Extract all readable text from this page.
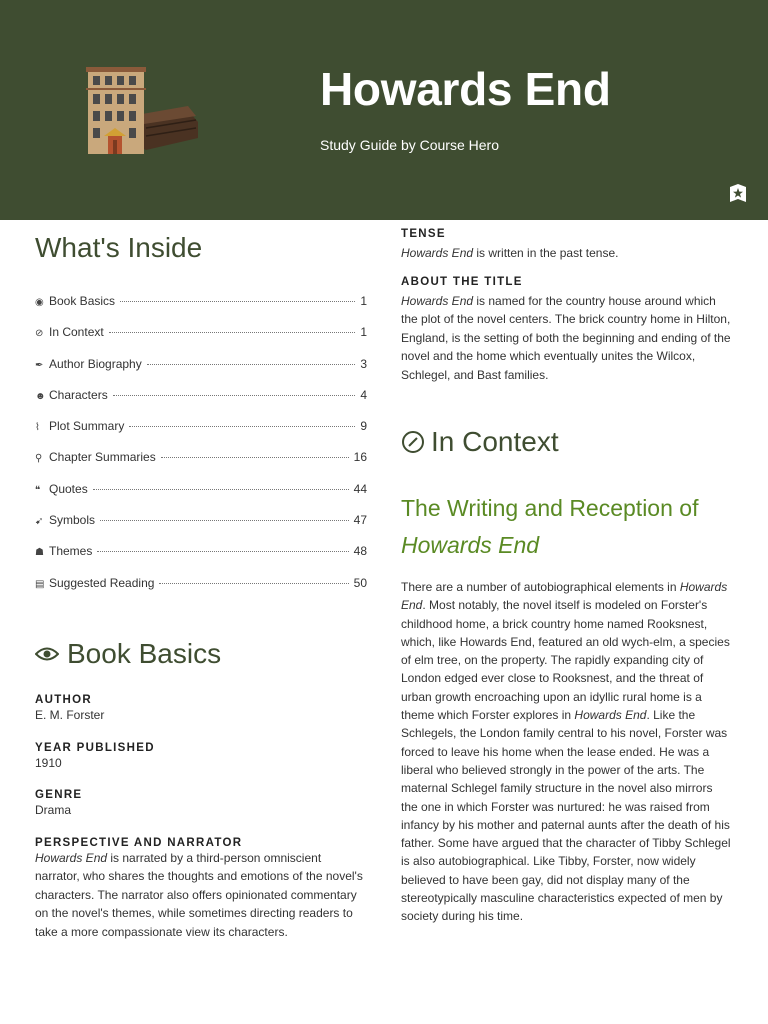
Howards End
Study Guide by Course Hero
What's Inside
◉ Book Basics	1
⊘ In Context	1
✒ Author Biography	3
☻ Characters	4
⌇ Plot Summary	9
⚲ Chapter Summaries	16
❝ Quotes	44
➹ Symbols	47
☗ Themes	48
▤ Suggested Reading	50
Book Basics
AUTHOR
E. M. Forster
YEAR PUBLISHED
1910
GENRE
Drama
PERSPECTIVE AND NARRATOR
Howards End is narrated by a third-person omniscient narrator, who shares the thoughts and emotions of the novel's characters. The narrator also offers opinionated commentary on the novel's themes, while sometimes directing readers to take a more compassionate view its characters.
TENSE
Howards End is written in the past tense.
ABOUT THE TITLE
Howards End is named for the country house around which the plot of the novel centers. The brick country home in Hilton, England, is the setting of both the beginning and ending of the novel and the home which eventually unites the Wilcox, Schlegel, and Bast families.
In Context
The Writing and Reception of
Howards End
There are a number of autobiographical elements in Howards End. Most notably, the novel itself is modeled on Forster's childhood home, a brick country home named Rooksnest, which, like Howards End, featured an old wych-elm, a species of elm tree, on the property. The rapidly expanding city of London edged ever close to Rooksnest, and the threat of urban growth encroaching upon an idyllic rural home is a theme which Forster explores in Howards End. Like the Schlegels, the London family central to his novel, Forster was forced to leave his home when the lease ended. He was a liberal who believed strongly in the power of the arts. The maternal Schlegel family structure in the novel also mirrors the one in which Forster was nurtured: he was raised from infancy by his mother and paternal aunts after the death of his father. Some have argued that the character of Tibby Schlegel is also autobiographical. Like Tibby, Forster, now widely believed to have been gay, did not display many of the stereotypically masculine characteristics expected of men by society during his time.
